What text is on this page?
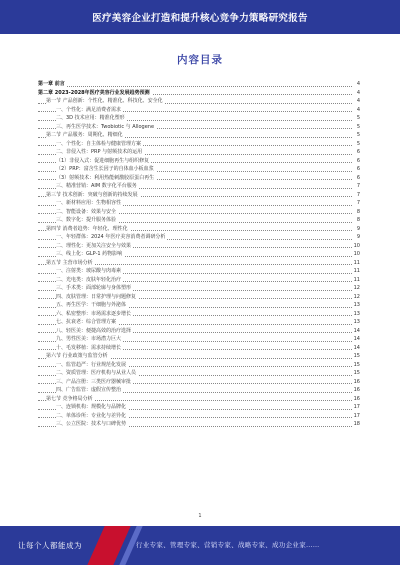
医疗美容企业打造和提升核心竞争力策略研究报告
内容目录
第一章 前言	4
第二章 2023-2028年医疗美容行业发展趋势预测	4
第一节 产品创新：个性化、精准化、科技化、安全化	4
一、个性化：满足消费者需求	4
二、3D 技术应用：精准化塑形	5
三、再生医学技术：Twobiotic 与 Allogene	5
第二节 产品服务：周期化、精细化	5
一、个性化：自主体检与健康管理方案	5
二、非侵入性：PRP 与射频技术的运用	6
（1）非侵入式：促进细胞再生与组织修复	6
（2）PRP：富含生长因子的自体血小板血浆	6
（3）射频技术：利用热能刺激胶原蛋白再生	6
三、精准营销：AIM 数字化平台服务	7
第三节 技术创新：突破与创新的持续发展	7
一、新材料应用：生物相容性	7
二、智能设备：效果与安全	8
三、数字化：提升服务体验	8
第四节 消费者趋势：年轻化、理性化	9
一、年轻群体：2024 年医疗美容消费者调研分析	9
二、理性化：更加关注安全与效果	10
三、线上化：GLP-1 药物影响	10
第五节 主营市场分析	11
一、注射类：玻尿酸与肉毒素	11
二、光电类：皮肤年轻化治疗	11
三、手术类：面部轮廓与身体塑形	12
四、皮肤管理：日常护理与问题修复	12
五、再生医学：干细胞与外泌体	13
六、私密整形：市场需求逐步增长	13
七、抗衰老：综合管理方案	13
八、轻医美：便捷高效的治疗选择	14
九、男性医美：市场潜力巨大	14
十、毛发移植：需求持续增长	14
第六节 行业政策与监管分析	15
一、监管趋严：行业规范化发展	15
二、资质管理：医疗机构与从业人员	15
三、产品注册：三类医疗器械审批	16
四、广告监管：虚假宣传整治	16
第七节 竞争格局分析	16
一、连锁机构：规模化与品牌化	17
二、单体诊所：专业化与差异化	17
三、公立医院：技术与口碑优势	18
1
让每个人都能成为	行业专家、管理专家、营销专家、战略专家、成功企业家……
